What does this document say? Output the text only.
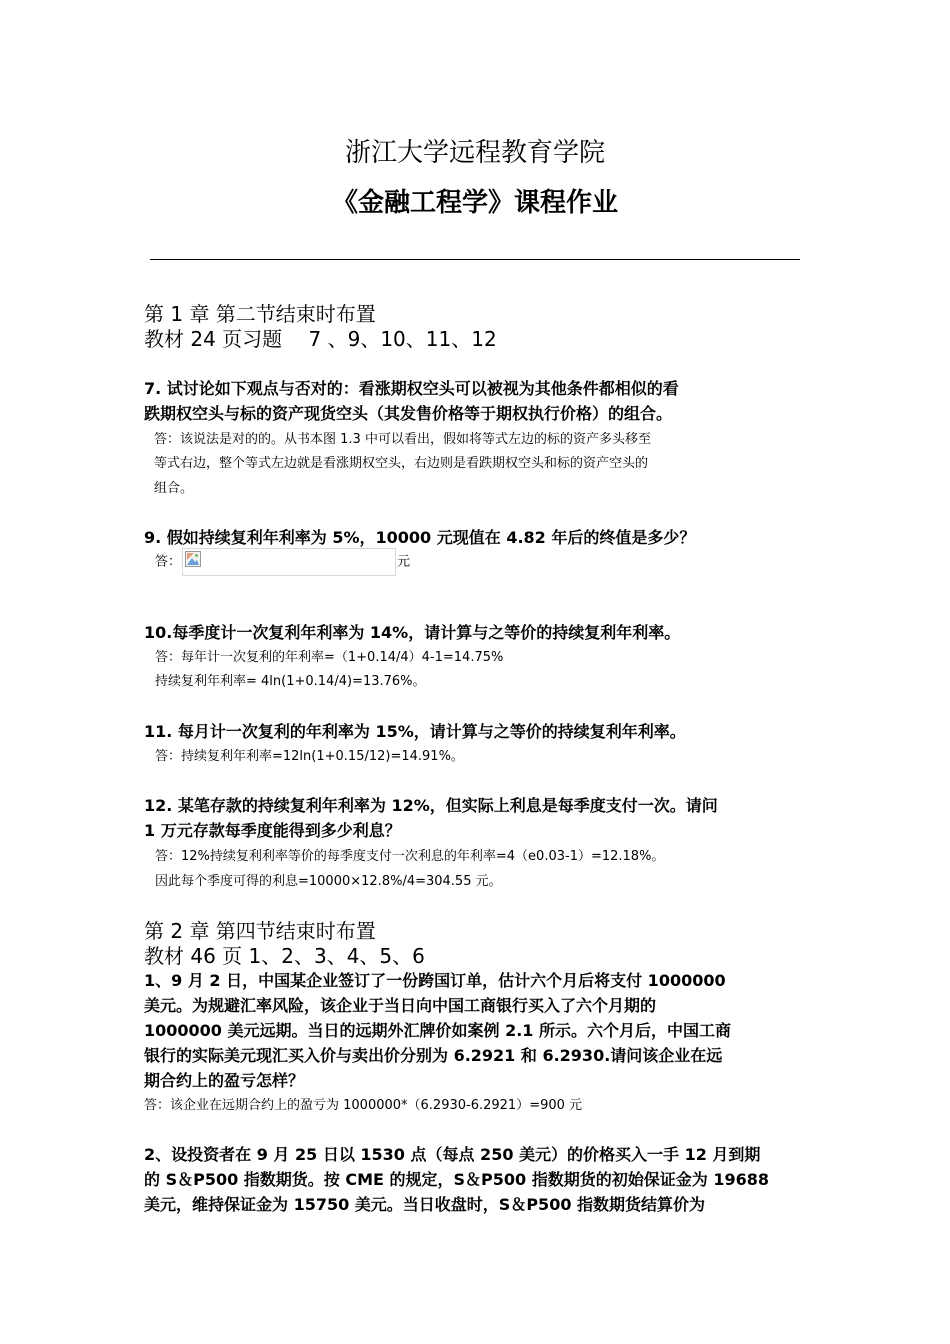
浙江大学远程教育学院
《金融工程学》课程作业
第 1 章 第二节结束时布置
教材 24 页习题　 7 、9、10、11、12
7. 试讨论如下观点与否对的：看涨期权空头可以被视为其他条件都相似的看
跌期权空头与标的资产现货空头（其发售价格等于期权执行价格）的组合。
答：该说法是对的的。从书本图 1.3 中可以看出，假如将等式左边的标的资产多头移至
等式右边，整个等式左边就是看涨期权空头，右边则是看跌期权空头和标的资产空头的
组合。
9. 假如持续复利年利率为 5%，10000 元现值在 4.82 年后的终值是多少？
答：	元
10.每季度计一次复利年利率为 14%，请计算与之等价的持续复利年利率。
答：每年计一次复利的年利率=（1+0.14/4）4-1=14.75%
持续复利年利率= 4ln(1+0.14/4)=13.76%。
11. 每月计一次复利的年利率为 15%，请计算与之等价的持续复利年利率。
答：持续复利年利率=12ln(1+0.15/12)=14.91%。
12. 某笔存款的持续复利年利率为 12%，但实际上利息是每季度支付一次。请问
1 万元存款每季度能得到多少利息？
答：12%持续复利利率等价的每季度支付一次利息的年利率=4（e0.03-1）=12.18%。
因此每个季度可得的利息=10000×12.8%/4=304.55 元。
第 2 章 第四节结束时布置
教材 46 页 1、2、3、4、5、6
1、9 月 2 日，中国某企业签订了一份跨国订单，估计六个月后将支付 1000000
美元。为规避汇率风险，该企业于当日向中国工商银行买入了六个月期的
1000000 美元远期。当日的远期外汇牌价如案例 2.1 所示。六个月后，中国工商
银行的实际美元现汇买入价与卖出价分别为 6.2921 和 6.2930.请问该企业在远
期合约上的盈亏怎样？
答：该企业在远期合约上的盈亏为 1000000*（6.2930-6.2921）=900 元
2、设投资者在 9 月 25 日以 1530 点（每点 250 美元）的价格买入一手 12 月到期
的 S＆P500 指数期货。按 CME 的规定，S＆P500 指数期货的初始保证金为 19688
美元，维持保证金为 15750 美元。当日收盘时，S＆P500 指数期货结算价为
